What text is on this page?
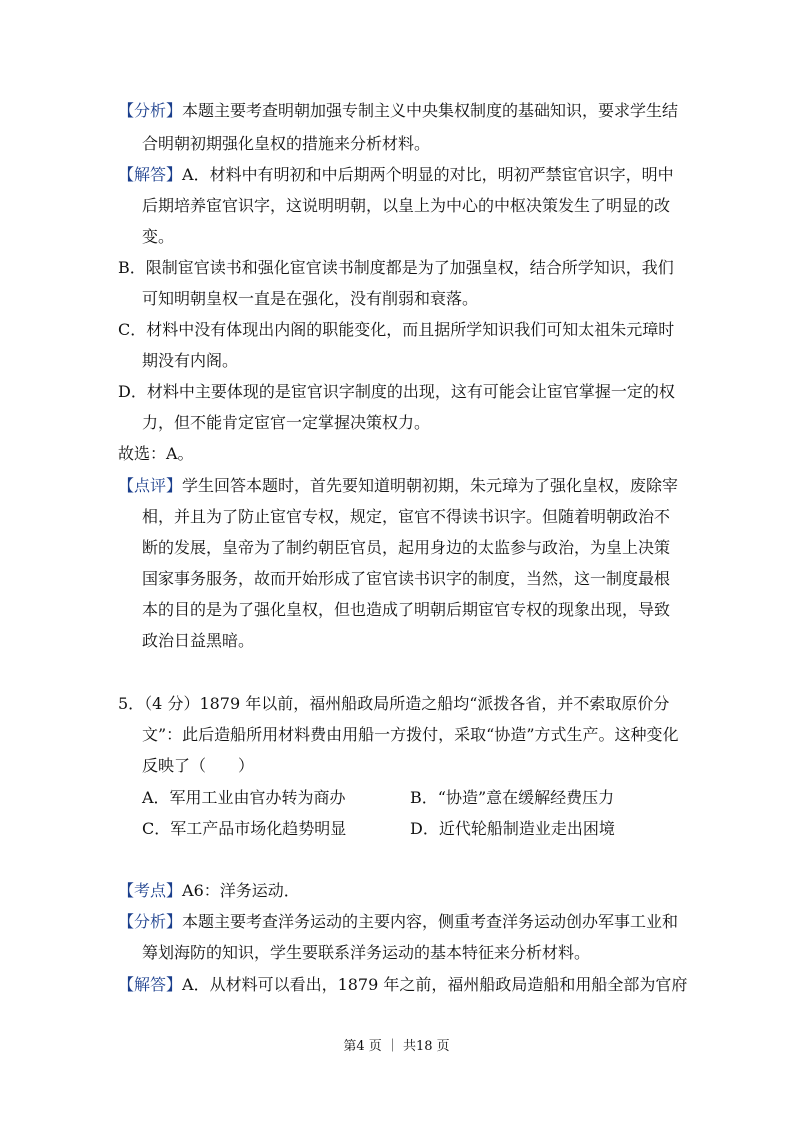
【分析】本题主要考查明朝加强专制主义中央集权制度的基础知识，要求学生结
合明朝初期强化皇权的措施来分析材料。
【解答】A．材料中有明初和中后期两个明显的对比，明初严禁宦官识字，明中
后期培养宦官识字，这说明明朝，以皇上为中心的中枢决策发生了明显的改
变。
B．限制宦官读书和强化宦官读书制度都是为了加强皇权，结合所学知识，我们
可知明朝皇权一直是在强化，没有削弱和衰落。
C．材料中没有体现出内阁的职能变化，而且据所学知识我们可知太祖朱元璋时
期没有内阁。
D．材料中主要体现的是宦官识字制度的出现，这有可能会让宦官掌握一定的权
力，但不能肯定宦官一定掌握决策权力。
故选：A。
【点评】学生回答本题时，首先要知道明朝初期，朱元璋为了强化皇权，废除宰
相，并且为了防止宦官专权，规定，宦官不得读书识字。但随着明朝政治不
断的发展，皇帝为了制约朝臣官员，起用身边的太监参与政治，为皇上决策
国家事务服务，故而开始形成了宦官读书识字的制度，当然，这一制度最根
本的目的是为了强化皇权，但也造成了明朝后期宦官专权的现象出现，导致
政治日益黑暗。
5．（4 分）1879 年以前，福州船政局所造之船均“派拨各省，并不索取原价分
文”：此后造船所用材料费由用船一方拨付，采取“协造”方式生产。这种变化
反映了（　　）
A．军用工业由官办转为商办	B．“协造”意在缓解经费压力
C．军工产品市场化趋势明显	D．近代轮船制造业走出困境
【考点】A6：洋务运动．
【分析】本题主要考查洋务运动的主要内容，侧重考查洋务运动创办军事工业和
筹划海防的知识，学生要联系洋务运动的基本特征来分析材料。
【解答】A．从材料可以看出，1879 年之前，福州船政局造船和用船全部为官府
第4 页 ｜ 共18 页
